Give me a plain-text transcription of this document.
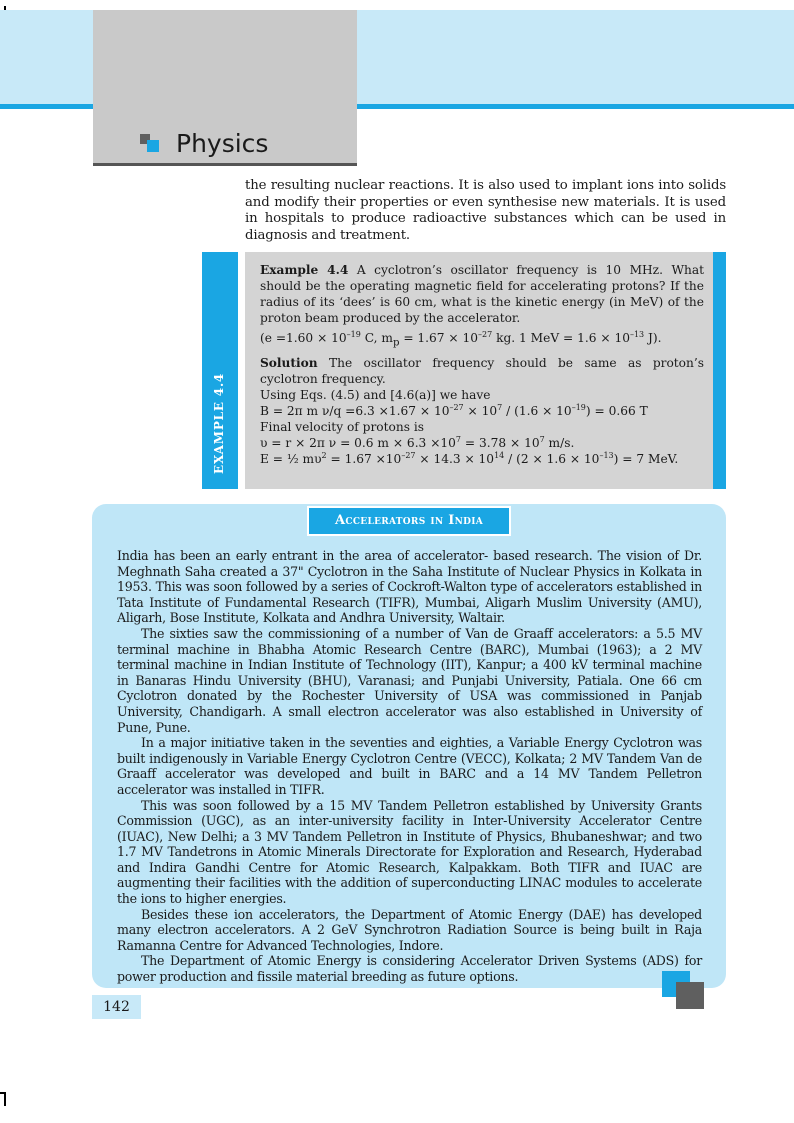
Physics

the resulting nuclear reactions. It is also used to implant ions into solids and modify their properties or even synthesise new materials. It is used in hospitals to produce radioactive substances which can be used in diagnosis and treatment.

EXAMPLE 4.4

Example 4.4 A cyclotron’s oscillator frequency is 10 MHz. What should be the operating magnetic field for accelerating protons? If the radius of its ‘dees’ is 60 cm, what is the kinetic energy (in MeV) of the proton beam produced by the accelerator.

($e =1.60 \times 10^{-19}$ C, $m_p = 1.67 \times 10^{-27}$ kg. 1 MeV = $1.6 \times 10^{-13}$ J).

Solution The oscillator frequency should be same as proton’s cyclotron frequency.

Using Eqs. (4.5) and [4.6(a)] we have

B = 2π m $\nu/q =6.3 \times 1.67 \times 10^{-27} \times 10^7 / (1.6 \times 10^{-19}) = 0.66$ T

Final velocity of protons is

υ = r × 2π ν = 0.6 $m \times 6.3 \times 10^7 = 3.78 \times 10^7$ m/s.

E = ½ $m\upsilon^2 = 1.67 \times 10^{-27} \times 14.3 \times 10^{14} / (2 \times 1.6 \times 10^{-13}) = 7$ MeV.

Accelerators in India

India has been an early entrant in the area of accelerator- based research. The vision of Dr. Meghnath Saha created a 37" Cyclotron in the Saha Institute of Nuclear Physics in Kolkata in 1953. This was soon followed by a series of Cockroft-Walton type of accelerators established in Tata Institute of Fundamental Research (TIFR), Mumbai, Aligarh Muslim University (AMU), Aligarh, Bose Institute, Kolkata and Andhra University, Waltair.

The sixties saw the commissioning of a number of Van de Graaff accelerators: a 5.5 MV terminal machine in Bhabha Atomic Research Centre (BARC), Mumbai (1963); a 2 MV terminal machine in Indian Institute of Technology (IIT), Kanpur; a 400 kV terminal machine in Banaras Hindu University (BHU), Varanasi; and Punjabi University, Patiala. One 66 cm Cyclotron donated by the Rochester University of USA was commissioned in Panjab University, Chandigarh. A small electron accelerator was also established in University of Pune, Pune.

In a major initiative taken in the seventies and eighties, a Variable Energy Cyclotron was built indigenously in Variable Energy Cyclotron Centre (VECC), Kolkata; 2 MV Tandem Van de Graaff accelerator was developed and built in BARC and a 14 MV Tandem Pelletron accelerator was installed in TIFR.

This was soon followed by a 15 MV Tandem Pelletron established by University Grants Commission (UGC), as an inter-university facility in Inter-University Accelerator Centre (IUAC), New Delhi; a 3 MV Tandem Pelletron in Institute of Physics, Bhubaneshwar; and two 1.7 MV Tandetrons in Atomic Minerals Directorate for Exploration and Research, Hyderabad and Indira Gandhi Centre for Atomic Research, Kalpakkam. Both TIFR and IUAC are augmenting their facilities with the addition of superconducting LINAC modules to accelerate the ions to higher energies.

Besides these ion accelerators, the Department of Atomic Energy (DAE) has developed many electron accelerators. A 2 GeV Synchrotron Radiation Source is being built in Raja Ramanna Centre for Advanced Technologies, Indore.

The Department of Atomic Energy is considering Accelerator Driven Systems (ADS) for power production and fissile material breeding as future options.

142
